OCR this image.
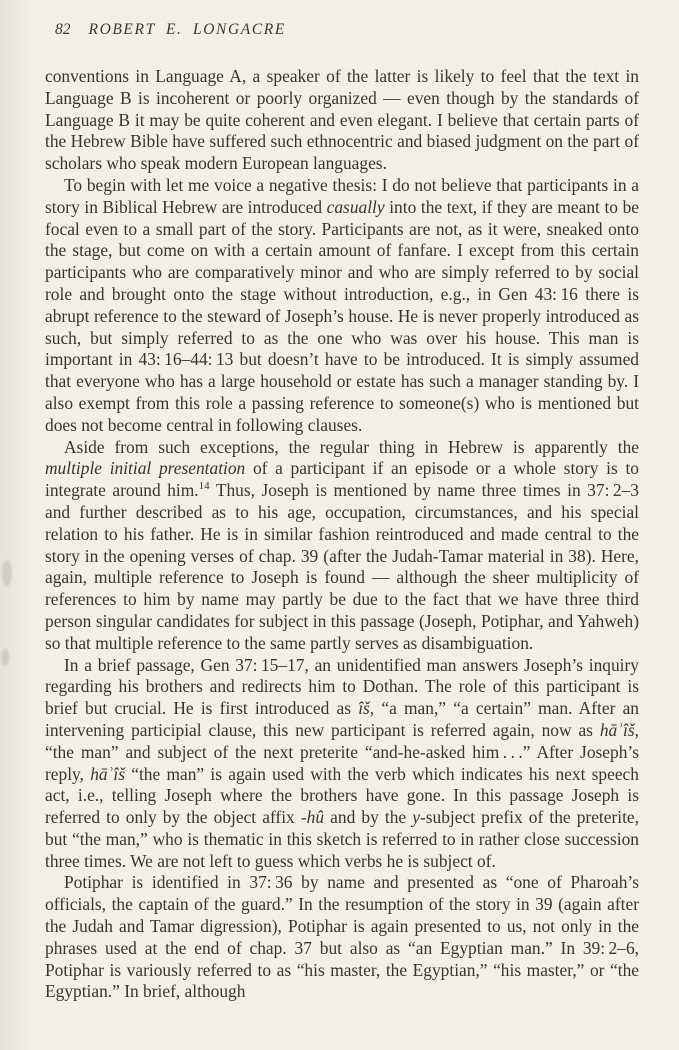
82 ROBERT E. LONGACRE

conventions in Language A, a speaker of the latter is likely to feel that the text in Language B is incoherent or poorly organized — even though by the standards of Language B it may be quite coherent and even elegant. I believe that certain parts of the Hebrew Bible have suffered such ethnocentric and biased judgment on the part of scholars who speak modern European languages.

To begin with let me voice a negative thesis: I do not believe that participants in a story in Biblical Hebrew are introduced casually into the text, if they are meant to be focal even to a small part of the story. Participants are not, as it were, sneaked onto the stage, but come on with a certain amount of fanfare. I except from this certain participants who are comparatively minor and who are simply referred to by social role and brought onto the stage without introduction, e.g., in Gen 43: 16 there is abrupt reference to the steward of Joseph’s house. He is never properly introduced as such, but simply referred to as the one who was over his house. This man is important in 43: 16–44: 13 but doesn’t have to be introduced. It is simply assumed that everyone who has a large household or estate has such a manager standing by. I also exempt from this role a passing reference to someone(s) who is mentioned but does not become central in following clauses.

Aside from such exceptions, the regular thing in Hebrew is apparently the multiple initial presentation of a participant if an episode or a whole story is to integrate around him.$^{14}$ Thus, Joseph is mentioned by name three times in 37: 2–3 and further described as to his age, occupation, circumstances, and his special relation to his father. He is in similar fashion reintroduced and made central to the story in the opening verses of chap. 39 (after the Judah-Tamar material in 38). Here, again, multiple reference to Joseph is found — although the sheer multiplicity of references to him by name may partly be due to the fact that we have three third person singular candidates for subject in this passage (Joseph, Potiphar, and Yahweh) so that multiple reference to the same partly serves as disambiguation.

In a brief passage, Gen 37: 15–17, an unidentified man answers Joseph’s inquiry regarding his brothers and redirects him to Dothan. The role of this participant is brief but crucial. He is first introduced as îš, “a man,” “a certain” man. After an intervening participial clause, this new participant is referred again, now as hāʾîš, “the man” and subject of the next preterite “and-he-asked him . . .” After Joseph’s reply, hāʾîš “the man” is again used with the verb which indicates his next speech act, i.e., telling Joseph where the brothers have gone. In this passage Joseph is referred to only by the object affix -hû and by the y-subject prefix of the preterite, but “the man,” who is thematic in this sketch is referred to in rather close succession three times. We are not left to guess which verbs he is subject of.

Potiphar is identified in 37: 36 by name and presented as “one of Pharoah’s officials, the captain of the guard.” In the resumption of the story in 39 (again after the Judah and Tamar digression), Potiphar is again presented to us, not only in the phrases used at the end of chap. 37 but also as “an Egyptian man.” In 39: 2–6, Potiphar is variously referred to as “his master, the Egyptian,” “his master,” or “the Egyptian.” In brief, although
